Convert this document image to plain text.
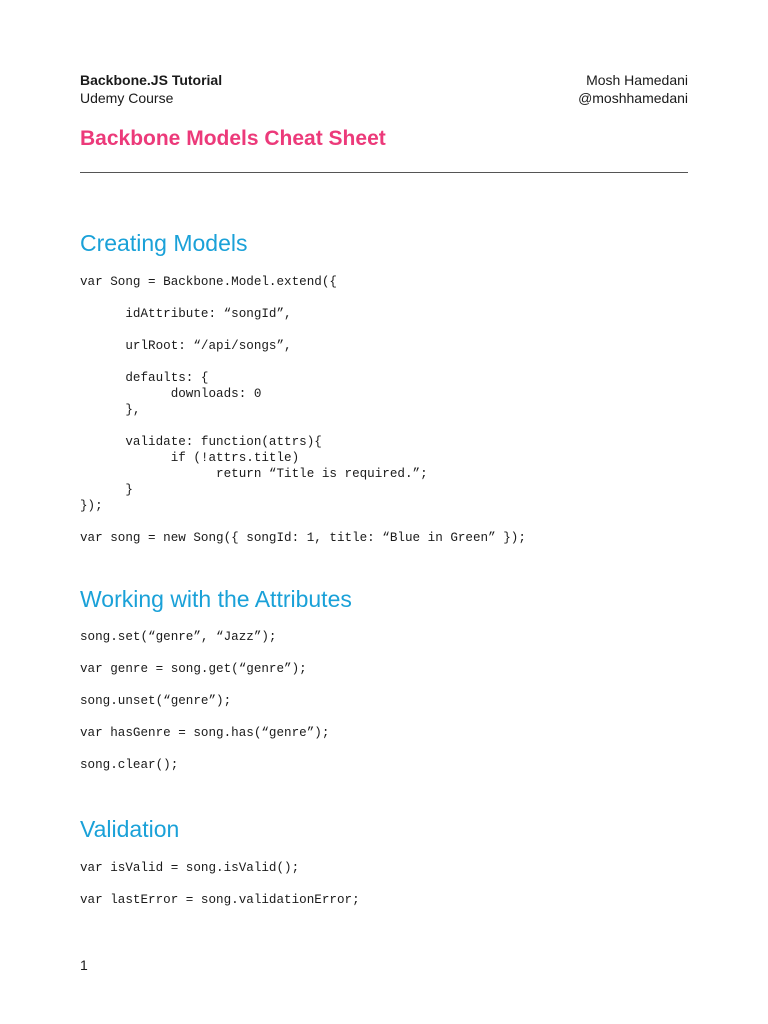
Backbone.JS Tutorial
Udemy Course
Mosh Hamedani
@moshhamedani
Backbone Models Cheat Sheet
Creating Models
var Song = Backbone.Model.extend({

idAttribute: “songId”,

urlRoot: “/api/songs”,

defaults: {
downloads: 0
},

validate: function(attrs){
if (!attrs.title)
return “Title is required.”;
}
});

var song = new Song({ songId: 1, title: “Blue in Green” });
Working with the Attributes
song.set(“genre”, “Jazz”);

var genre = song.get(“genre”);

song.unset(“genre”);

var hasGenre = song.has(“genre”);

song.clear();
Validation
var isValid = song.isValid();

var lastError = song.validationError;
1
